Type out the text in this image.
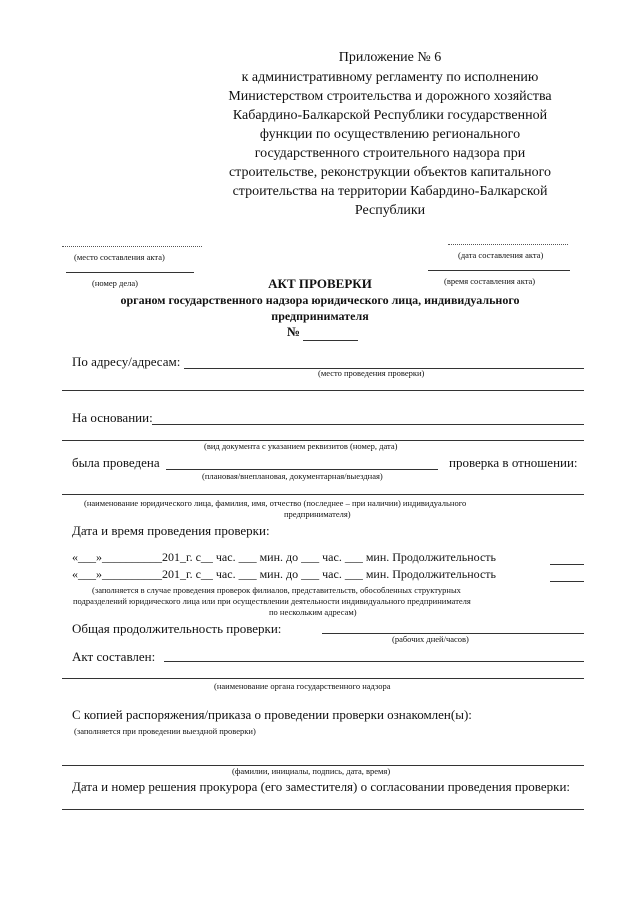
Приложение № 6
к административному регламенту по исполнению
Министерством строительства и дорожного хозяйства
Кабардино-Балкарской Республики государственной
функции по осуществлению регионального
государственного строительного надзора при
строительстве, реконструкции объектов капитального
строительства на территории Кабардино-Балкарской
Республики
(место составления акта)	(дата составления акта)
(номер дела)	(время составления акта)
АКТ ПРОВЕРКИ
органом государственного надзора юридического лица, индивидуального
предпринимателя
№
По адресу/адресам:
(место проведения проверки)
На основании:
(вид документа с указанием реквизитов (номер, дата)
была проведена	проверка в отношении:
(плановая/внеплановая, документарная/выездная)
(наименование юридического лица, фамилия, имя, отчество (последнее – при наличии) индивидуального
предпринимателя)
Дата и время проведения проверки:
«___»__________201_г. с__ час. ___ мин. до ___ час. ___ мин. Продолжительность
«___»__________201_г. с__ час. ___ мин. до ___ час. ___ мин. Продолжительность
(заполняется в случае проведения проверок филиалов, представительств, обособленных структурных
подразделений юридического лица или при осуществлении деятельности индивидуального предпринимателя
по нескольким адресам)
Общая продолжительность проверки:
(рабочих дней/часов)
Акт составлен:
(наименование органа государственного надзора
С копией распоряжения/приказа о проведении проверки ознакомлен(ы):
(заполняется при проведении выездной проверки)
(фамилии, инициалы, подпись, дата, время)
Дата и номер решения прокурора (его заместителя) о согласовании проведения проверки:
